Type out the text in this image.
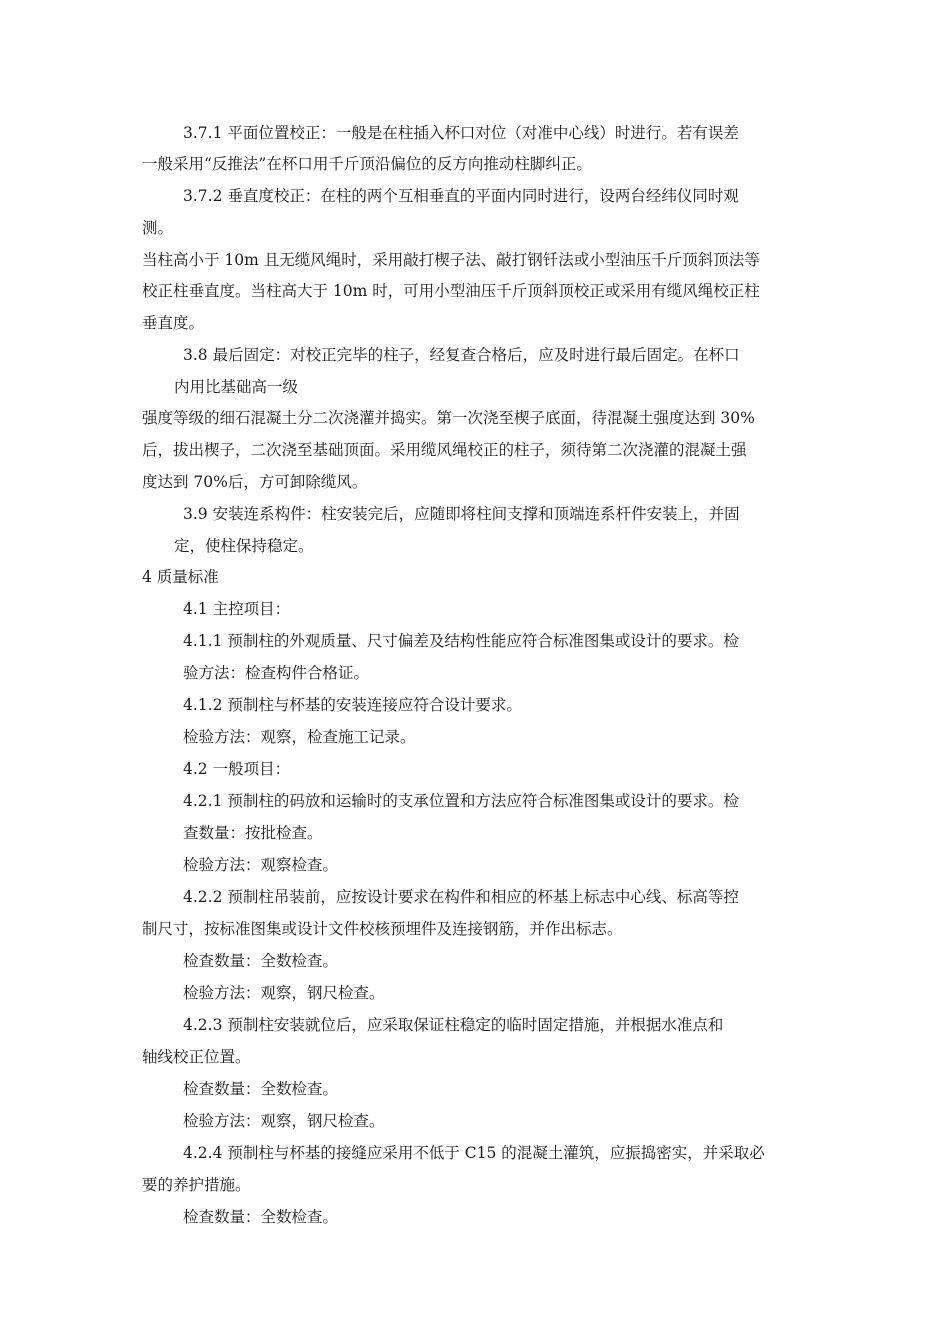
3.7.1 平面位置校正：一般是在柱插入杯口对位（对准中心线）时进行。若有误差
一般采用“反推法”在杯口用千斤顶沿偏位的反方向推动柱脚纠正。
3.7.2 垂直度校正：在柱的两个互相垂直的平面内同时进行，设两台经纬仪同时观
测。
当柱高小于 10m 且无缆风绳时，采用敲打楔子法、敲打钢钎法或小型油压千斤顶斜顶法等
校正柱垂直度。当柱高大于 10m 时，可用小型油压千斤顶斜顶校正或采用有缆风绳校正柱
垂直度。
3.8 最后固定：对校正完毕的柱子，经复查合格后，应及时进行最后固定。在杯口
内用比基础高一级
强度等级的细石混凝土分二次浇灌并捣实。第一次浇至楔子底面，待混凝土强度达到 30%
后，拔出楔子，二次浇至基础顶面。采用缆风绳校正的柱子，须待第二次浇灌的混凝土强
度达到 70%后，方可卸除缆风。
3.9 安装连系构件：柱安装完后，应随即将柱间支撑和顶端连系杆件安装上，并固
定，使柱保持稳定。
4 质量标准
4.1 主控项目：
4.1.1 预制柱的外观质量、尺寸偏差及结构性能应符合标准图集或设计的要求。检
验方法：检查构件合格证。
4.1.2 预制柱与杯基的安装连接应符合设计要求。
检验方法：观察，检查施工记录。
4.2 一般项目：
4.2.1 预制柱的码放和运输时的支承位置和方法应符合标准图集或设计的要求。检
查数量：按批检查。
检验方法：观察检查。
4.2.2 预制柱吊装前，应按设计要求在构件和相应的杯基上标志中心线、标高等控
制尺寸，按标准图集或设计文件校核预埋件及连接钢筋，并作出标志。
检查数量：全数检查。
检验方法：观察，钢尺检查。
4.2.3 预制柱安装就位后，应采取保证柱稳定的临时固定措施，并根据水准点和
轴线校正位置。
检查数量：全数检查。
检验方法：观察，钢尺检查。
4.2.4 预制柱与杯基的接缝应采用不低于 C15 的混凝土灌筑，应振捣密实，并采取必
要的养护措施。
检查数量：全数检查。
